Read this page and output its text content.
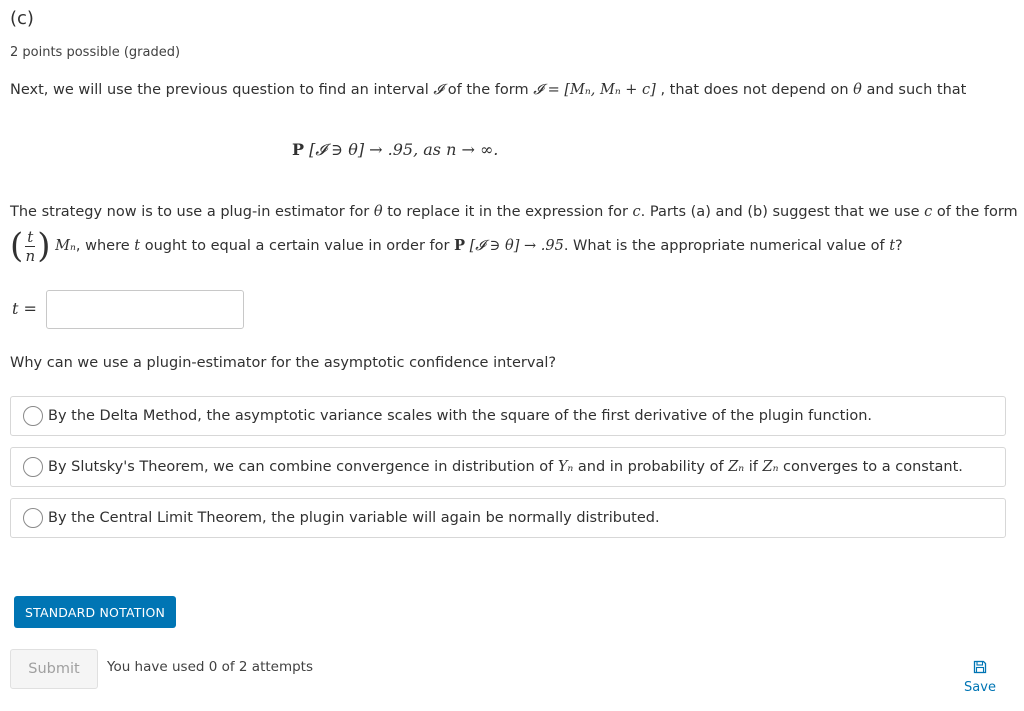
(c)
2 points possible (graded)
Next, we will use the previous question to find an interval 𝓘 of the form 𝓘 = [Mₙ, Mₙ + c] , that does not depend on θ and such that
P [𝓘 ∋ θ] → .95, as n → ∞.
The strategy now is to use a plug-in estimator for θ to replace it in the expression for c. Parts (a) and (b) suggest that we use c of the form
( $\frac{t}{n}$ ) Mₙ, where t ought to equal a certain value in order for P [𝓘 ∋ θ] → .95. What is the appropriate numerical value of t?
t =
Why can we use a plugin-estimator for the asymptotic confidence interval?
By the Delta Method, the asymptotic variance scales with the square of the first derivative of the plugin function.
By Slutsky's Theorem, we can combine convergence in distribution of Yₙ and in probability of Zₙ if Zₙ converges to a constant.
By the Central Limit Theorem, the plugin variable will again be normally distributed.
STANDARD NOTATION
Submit	You have used 0 of 2 attempts
Save
